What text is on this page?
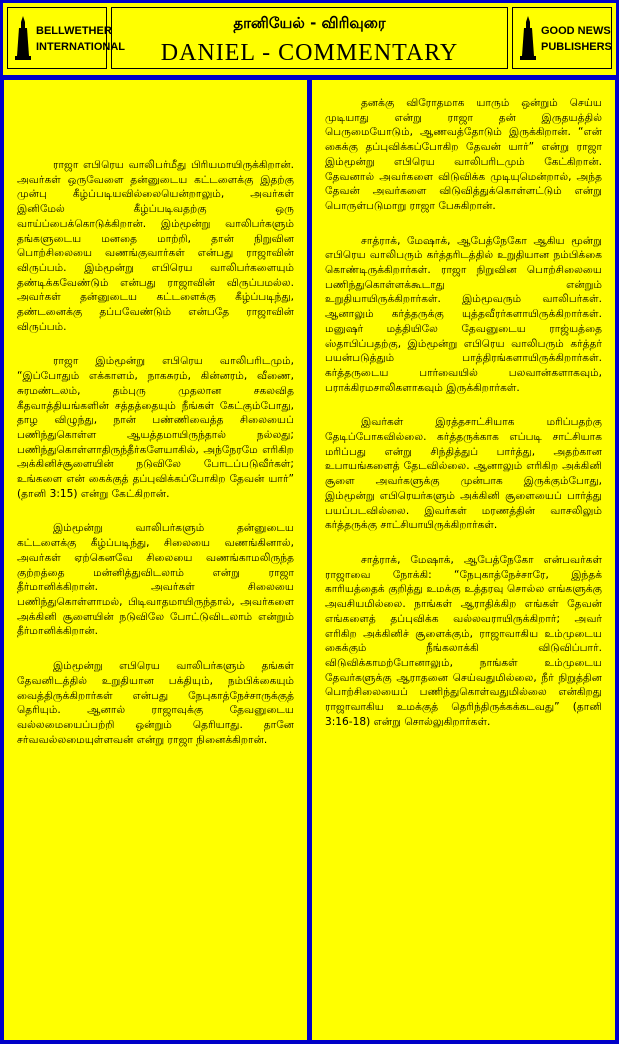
BELLWETHER
INTERNATIONAL
தானியேல் - விரிவுரை
DANIEL - COMMENTARY
GOOD NEWS
PUBLISHERS

ராஜா எபிரெய வாலிபர்மீது பிரியமாயிருக்கிறான். அவர்கள் ஒருவேளை தன்னுடைய கட்டளைக்கு இதற்கு முன்பு கீழ்ப்படியவில்லையென்றாலும், அவர்கள் இனிமேல் கீழ்ப்படிவதற்கு ஒரு வாய்ப்பைக்கொடுக்கிறான். இம்மூன்று வாலிபர்களும் தங்களுடைய மனதை மாற்றி, தான் நிறுவின பொற்சிலையை வணங்குவார்கள் என்பது ராஜாவின் விருப்பம். இம்மூன்று எபிரெய வாலிபர்களையும் தண்டிக்கவேண்டும் என்பது ராஜாவின் விருப்பமல்ல. அவர்கள் தன்னுடைய கட்டளைக்கு கீழ்ப்படிந்து, தண்டனைக்கு தப்பவேண்டும் என்பதே ராஜாவின் விருப்பம்.

ராஜா இம்மூன்று எபிரெய வாலிபரிடமும், “இப்போதும் எக்காளம், நாகசுரம், கின்னரம், வீணை, சுரமண்டலம், தம்புரு முதலான சகலவித கீதவாத்தியங்களின் சத்தத்தையும் நீங்கள் கேட்கும்போது, தாழ விழுந்து, நான் பண்ணிவைத்த சிலையைப் பணிந்துகொள்ள ஆயத்தமாயிருந்தால் நல்லது; பணிந்துகொள்ளாதிருந்தீர்களேயாகில், அந்நேரமே எரிகிற அக்கினிச்சூளையின் நடுவிலே போடப்படுவீர்கள்; உங்களை என் கைக்குத் தப்புவிக்கப்போகிற தேவன் யார்” (தானி 3:15) என்று கேட்கிறான்.

இம்மூன்று வாலிபர்களும் தன்னுடைய கட்டளைக்கு கீழ்ப்படிந்து, சிலையை வணங்கினால், அவர்கள் ஏற்கெனவே சிலையை வணங்காமலிருந்த குற்றத்தை மன்னித்துவிடலாம் என்று ராஜா தீர்மானிக்கிறான். அவர்கள் சிலையை பணிந்துகொள்ளாமல், பிடிவாதமாயிருந்தால், அவர்களை அக்கினி சூளையின் நடுவிலே போட்டுவிடலாம் என்றும் தீர்மானிக்கிறான்.

இம்மூன்று எபிரெய வாலிபர்களும் தங்கள் தேவனிடத்தில் உறுதியான பக்தியும், நம்பிக்கையும் வைத்திருக்கிறார்கள் என்பது நேபுகாத்நேச்சாருக்குத் தெரியும். ஆனால் ராஜாவுக்கு தேவனுடைய வல்லமையைப்பற்றி ஒன்றும் தெரியாது. தானே சர்வவல்லமையுள்ளவன் என்று ராஜா நினைக்கிறான்.

தனக்கு விரோதமாக யாரும் ஒன்றும் செய்ய முடியாது என்று ராஜா தன் இருதயத்தில் பெருமையோடும், ஆணவத்தோடும் இருக்கிறான். “என் கைக்கு தப்புவிக்கப்போகிற தேவன் யார்” என்று ராஜா இம்மூன்று எபிரெய வாலிபரிடமும் கேட்கிறான். தேவனால் அவர்களை விடுவிக்க முடியுமென்றால், அந்த தேவன் அவர்களை விடுவித்துக்கொள்ளட்டும் என்று பொருள்படுமாறு ராஜா பேசுகிறான்.

சாத்ராக், மேஷாக், ஆபேத்நேகோ ஆகிய மூன்று எபிரெய வாலிபரும் கர்த்தரிடத்தில் உறுதியான நம்பிக்கை கொண்டிருக்கிறார்கள். ராஜா நிறுவின பொற்சிலையை பணிந்துகொள்ளக்கூடாது என்றும் உறுதியாயிருக்கிறார்கள். இம்மூவரும் வாலிபர்கள். ஆனாலும் கர்த்தருக்கு யுத்தவீரர்களாயிருக்கிறார்கள். மனுஷர் மத்தியிலே தேவனுடைய ராஜ்யத்தை ஸ்தாபிப்பதற்கு, இம்மூன்று எபிரெய வாலிபரும் கர்த்தர் பயன்படுத்தும் பாத்திரங்களாயிருக்கிறார்கள். கர்த்தருடைய பார்வையில் பலவான்களாகவும், பராக்கிரமசாலிகளாகவும் இருக்கிறார்கள்.

இவர்கள் இரத்தசாட்சியாக மரிப்பதற்கு தேடிப்போகவில்லை. கர்த்தருக்காக எப்படி சாட்சியாக மரிப்பது என்று சிந்தித்துப் பார்த்து, அதற்கான உபாயங்களைத் தேடவில்லை. ஆனாலும் எரிகிற அக்கினி சூளை அவர்களுக்கு முன்பாக இருக்கும்போது, இம்மூன்று எபிரெயர்களும் அக்கினி சூளையைப் பார்த்து பயப்படவில்லை. இவர்கள் மரணத்தின் வாசலிலும் கர்த்தருக்கு சாட்சியாயிருக்கிறார்கள்.

சாத்ராக், மேஷாக், ஆபேத்நேகோ என்பவர்கள் ராஜாவை நோக்கி: “நேபுகாத்நேச்சாரே, இந்தக் காரியத்தைக் குறித்து உமக்கு உத்தரவு சொல்ல எங்களுக்கு அவசியமில்லை. நாங்கள் ஆராதிக்கிற எங்கள் தேவன் எங்களைத் தப்புவிக்க வல்லவராயிருக்கிறார்; அவர் எரிகிற அக்கினிச் சூளைக்கும், ராஜாவாகிய உம்முடைய கைக்கும் நீங்கலாக்கி விடுவிப்பார். விடுவிக்காமற்போனாலும், நாங்கள் உம்முடைய தேவர்களுக்கு ஆராதனை செய்வதுமில்லை, நீர் நிறுத்தின பொற்சிலையைப் பணிந்துகொள்வதுமில்லை என்கிறது ராஜாவாகிய உமக்குத் தெரிந்திருக்கக்கடவது” (தானி 3:16-18) என்று சொல்லுகிறார்கள்.
